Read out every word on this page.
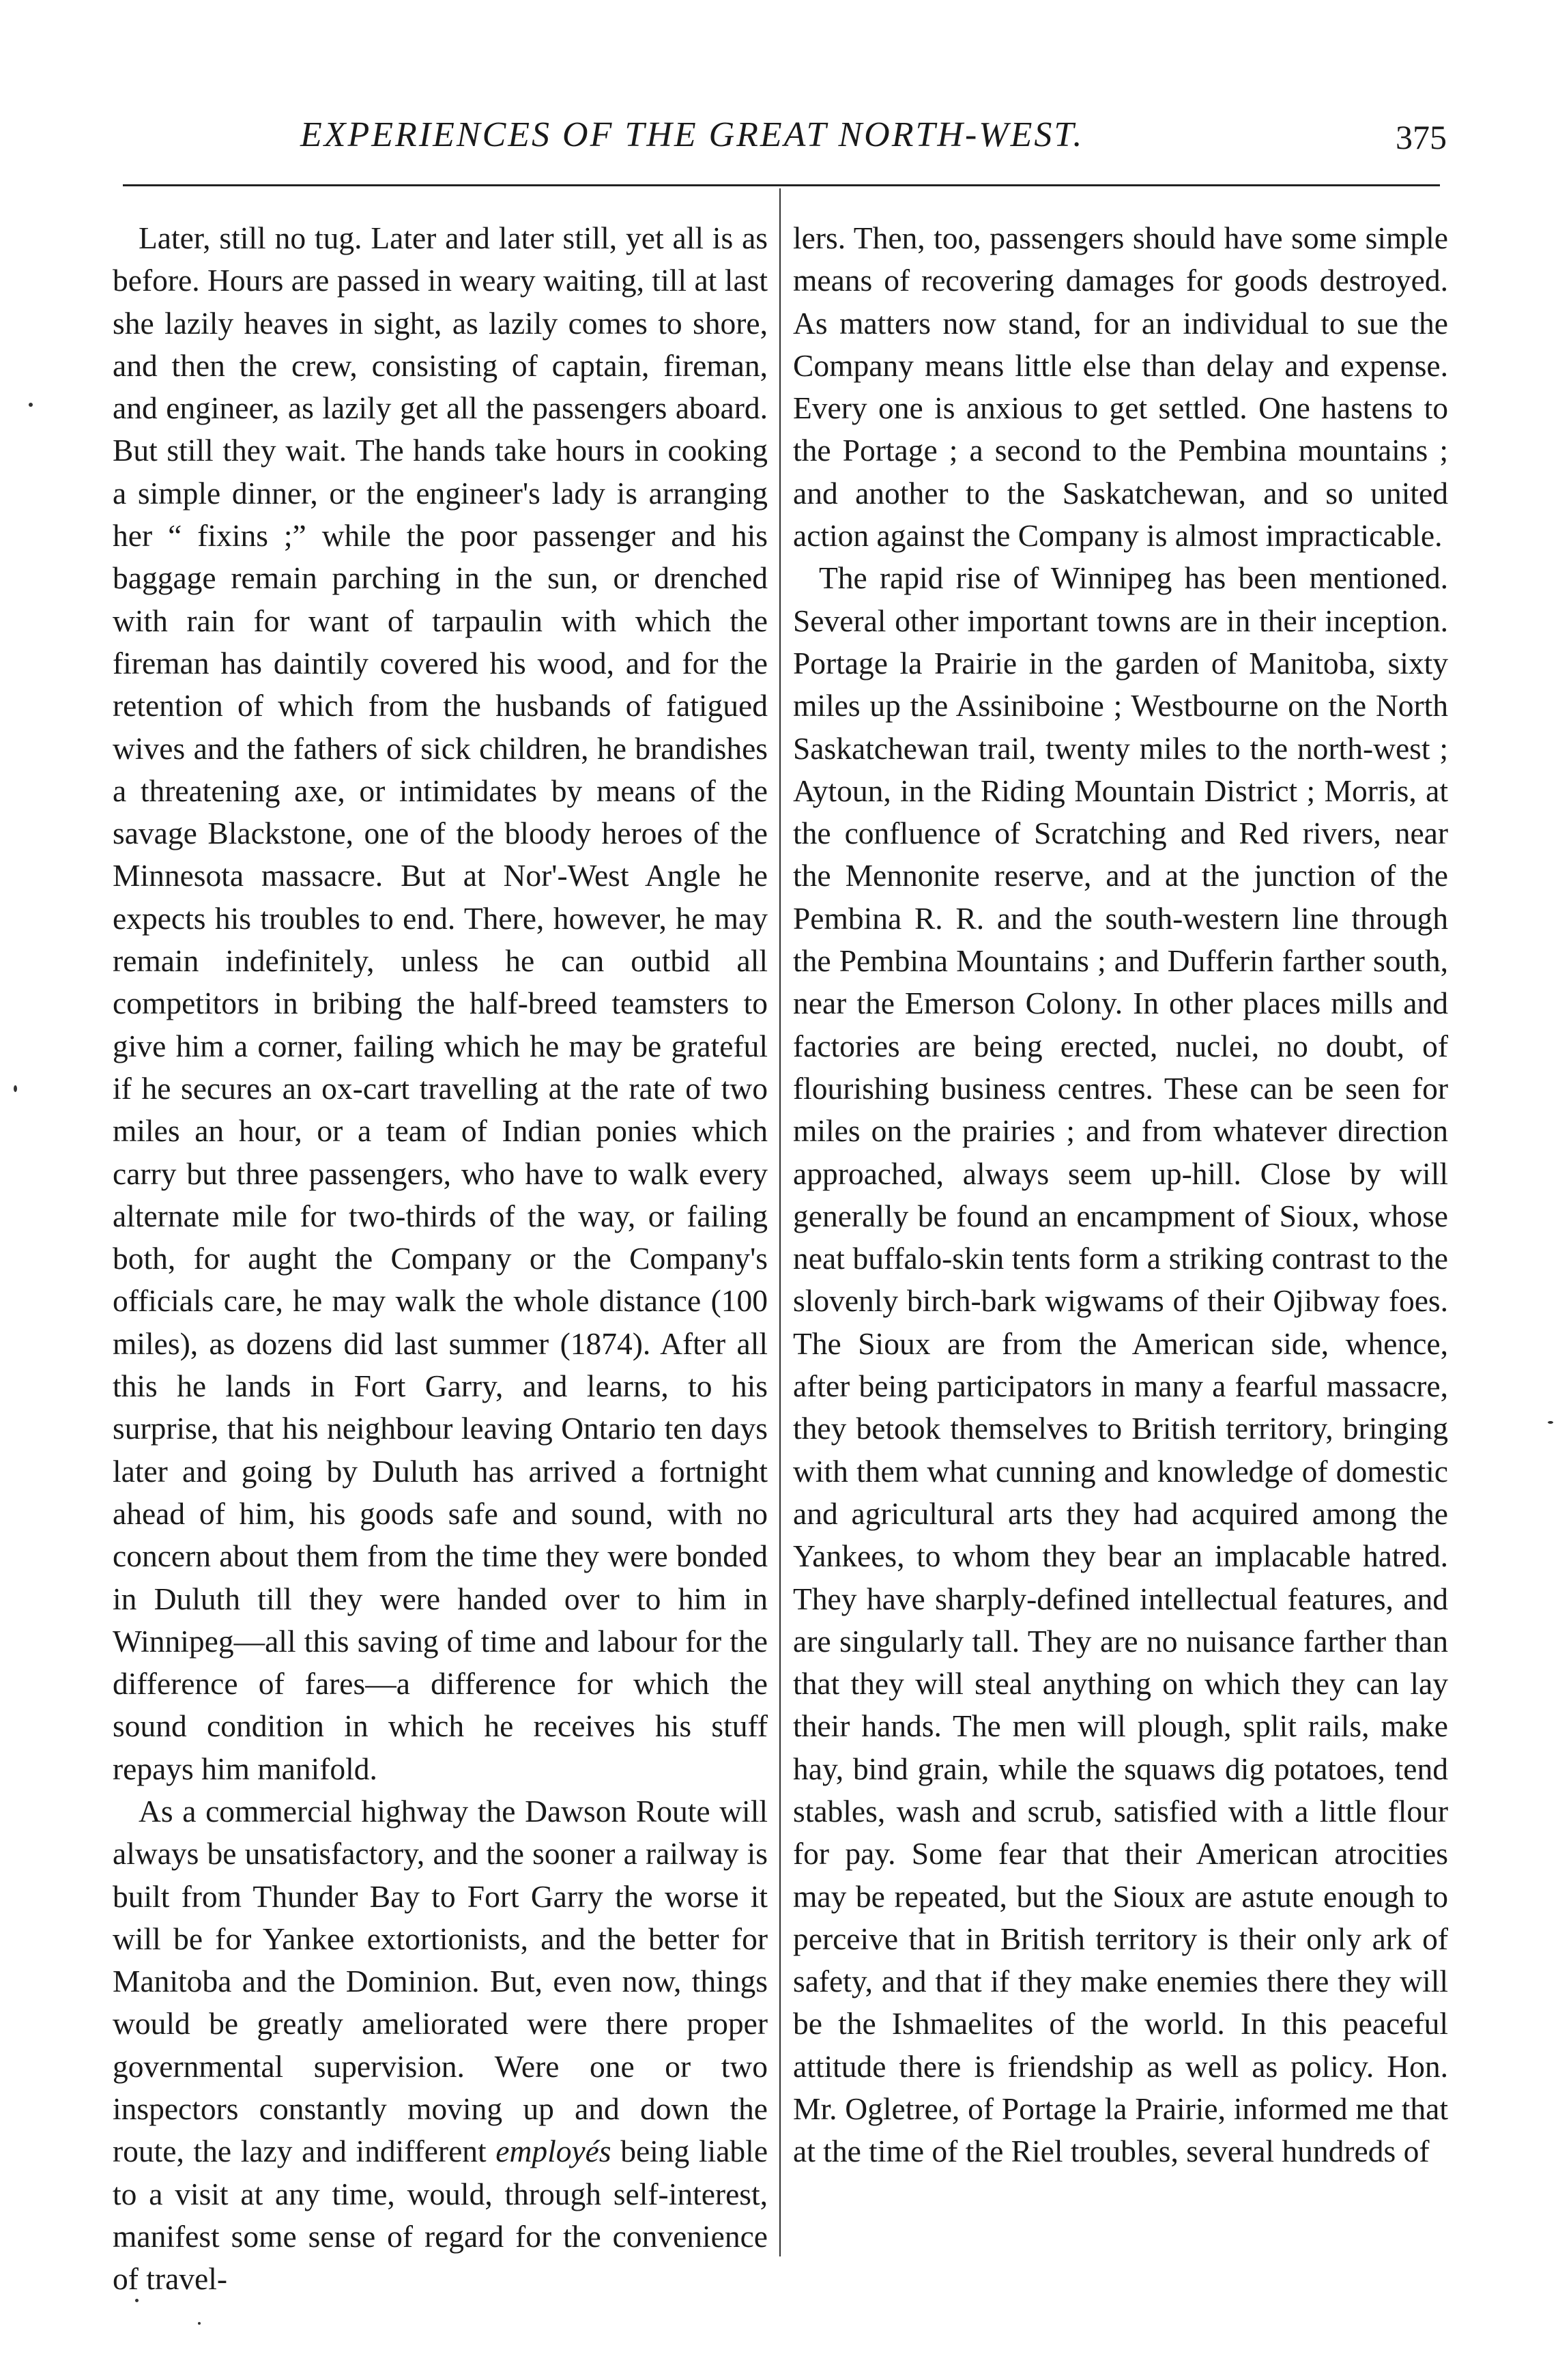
EXPERIENCES OF THE GREAT NORTH-WEST.	375

Later, still no tug. Later and later still, yet all is as before. Hours are passed in weary waiting, till at last she lazily heaves in sight, as lazily comes to shore, and then the crew, consisting of captain, fireman, and engineer, as lazily get all the passengers aboard. But still they wait. The hands take hours in cooking a simple dinner, or the engineer's lady is arranging her “ fixins ;” while the poor passenger and his baggage remain parching in the sun, or drenched with rain for want of tarpaulin with which the fireman has daintily covered his wood, and for the retention of which from the husbands of fatigued wives and the fathers of sick children, he brandishes a threatening axe, or intimidates by means of the savage Blackstone, one of the bloody heroes of the Minnesota massacre. But at Nor'-West Angle he expects his troubles to end. There, however, he may remain indefinitely, unless he can outbid all competitors in bribing the half-breed teamsters to give him a corner, failing which he may be grateful if he secures an ox-cart travelling at the rate of two miles an hour, or a team of Indian ponies which carry but three passengers, who have to walk every alternate mile for two-thirds of the way, or failing both, for aught the Company or the Company's officials care, he may walk the whole distance (100 miles), as dozens did last summer (1874). After all this he lands in Fort Garry, and learns, to his surprise, that his neighbour leaving Ontario ten days later and going by Duluth has arrived a fortnight ahead of him, his goods safe and sound, with no concern about them from the time they were bonded in Duluth till they were handed over to him in Winnipeg—all this saving of time and labour for the difference of fares—a difference for which the sound condition in which he receives his stuff repays him manifold.

As a commercial highway the Dawson Route will always be unsatisfactory, and the sooner a railway is built from Thunder Bay to Fort Garry the worse it will be for Yankee extortionists, and the better for Manitoba and the Dominion. But, even now, things would be greatly ameliorated were there proper governmental supervision. Were one or two inspectors constantly moving up and down the route, the lazy and indifferent employés being liable to a visit at any time, would, through self-interest, manifest some sense of regard for the convenience of travel-

lers. Then, too, passengers should have some simple means of recovering damages for goods destroyed. As matters now stand, for an individual to sue the Company means little else than delay and expense. Every one is anxious to get settled. One hastens to the Portage ; a second to the Pembina mountains ; and another to the Saskatchewan, and so united action against the Company is almost impracticable.

The rapid rise of Winnipeg has been mentioned. Several other important towns are in their inception. Portage la Prairie in the garden of Manitoba, sixty miles up the Assiniboine ; Westbourne on the North Saskatchewan trail, twenty miles to the north-west ; Aytoun, in the Riding Mountain District ; Morris, at the confluence of Scratching and Red rivers, near the Mennonite reserve, and at the junction of the Pembina R. R. and the south-western line through the Pembina Mountains ; and Dufferin farther south, near the Emerson Colony. In other places mills and factories are being erected, nuclei, no doubt, of flourishing business centres. These can be seen for miles on the prairies ; and from whatever direction approached, always seem up-hill. Close by will generally be found an encampment of Sioux, whose neat buffalo-skin tents form a striking contrast to the slovenly birch-bark wigwams of their Ojibway foes. The Sioux are from the American side, whence, after being participators in many a fearful massacre, they betook themselves to British territory, bringing with them what cunning and knowledge of domestic and agricultural arts they had acquired among the Yankees, to whom they bear an implacable hatred. They have sharply-defined intellectual features, and are singularly tall. They are no nuisance farther than that they will steal anything on which they can lay their hands. The men will plough, split rails, make hay, bind grain, while the squaws dig potatoes, tend stables, wash and scrub, satisfied with a little flour for pay. Some fear that their American atrocities may be repeated, but the Sioux are astute enough to perceive that in British territory is their only ark of safety, and that if they make enemies there they will be the Ishmaelites of the world. In this peaceful attitude there is friendship as well as policy. Hon. Mr. Ogletree, of Portage la Prairie, informed me that at the time of the Riel troubles, several hundreds of
